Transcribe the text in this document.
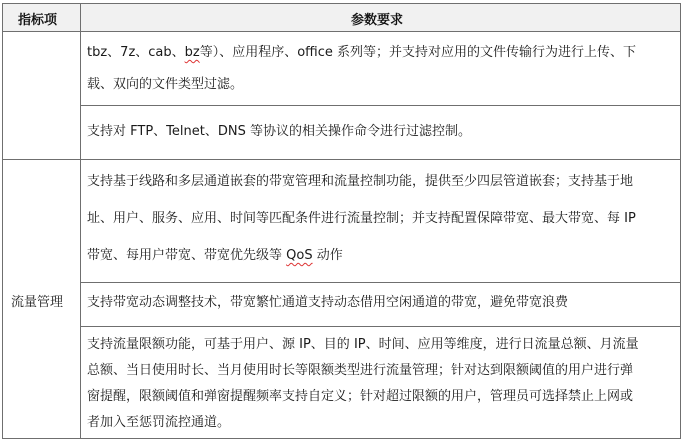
指标项	参数要求
tbz、7z、cab、bz等）、应用程序、office 系列等；并支持对应用的文件传输行为进行上传、下
载、双向的文件类型过滤。
支持对 FTP、Telnet、DNS 等协议的相关操作命令进行过滤控制。
流量管理
支持基于线路和多层通道嵌套的带宽管理和流量控制功能，提供至少四层管道嵌套；支持基于地
址、用户、服务、应用、时间等匹配条件进行流量控制；并支持配置保障带宽、最大带宽、每 IP
带宽、每用户带宽、带宽优先级等 QoS 动作
支持带宽动态调整技术，带宽繁忙通道支持动态借用空闲通道的带宽，避免带宽浪费
支持流量限额功能，可基于用户、源 IP、目的 IP、时间、应用等维度，进行日流量总额、月流量
总额、当日使用时长、当月使用时长等限额类型进行流量管理；针对达到限额阈值的用户进行弹
窗提醒，限额阈值和弹窗提醒频率支持自定义；针对超过限额的用户，管理员可选择禁止上网或
者加入至惩罚流控通道。
